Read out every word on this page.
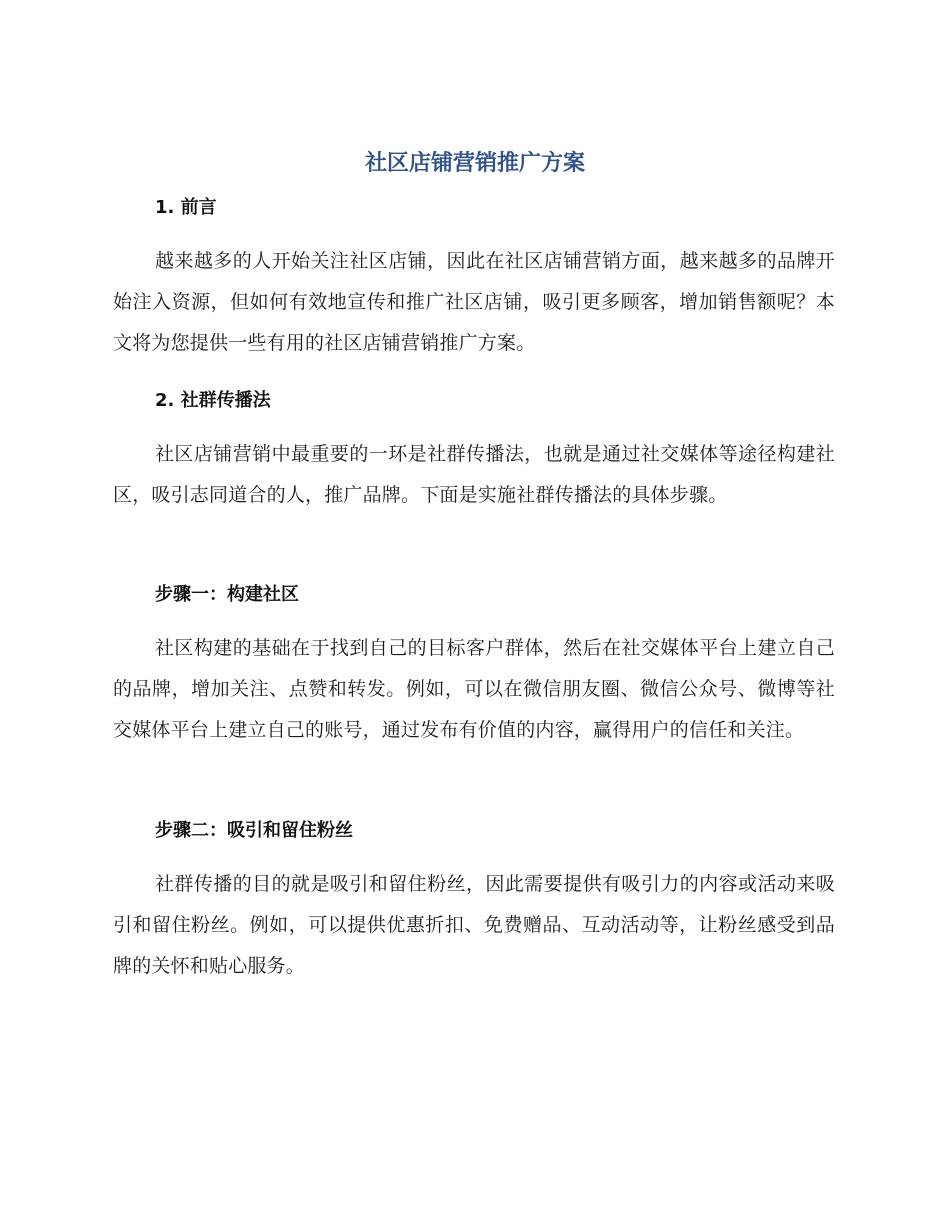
社区店铺营销推广方案
1. 前言
越来越多的人开始关注社区店铺，因此在社区店铺营销方面，越来越多的品牌开始注入资源，但如何有效地宣传和推广社区店铺，吸引更多顾客，增加销售额呢？本文将为您提供一些有用的社区店铺营销推广方案。
2. 社群传播法
社区店铺营销中最重要的一环是社群传播法，也就是通过社交媒体等途径构建社区，吸引志同道合的人，推广品牌。下面是实施社群传播法的具体步骤。
步骤一：构建社区
社区构建的基础在于找到自己的目标客户群体，然后在社交媒体平台上建立自己的品牌，增加关注、点赞和转发。例如，可以在微信朋友圈、微信公众号、微博等社交媒体平台上建立自己的账号，通过发布有价值的内容，赢得用户的信任和关注。
步骤二：吸引和留住粉丝
社群传播的目的就是吸引和留住粉丝，因此需要提供有吸引力的内容或活动来吸引和留住粉丝。例如，可以提供优惠折扣、免费赠品、互动活动等，让粉丝感受到品牌的关怀和贴心服务。
